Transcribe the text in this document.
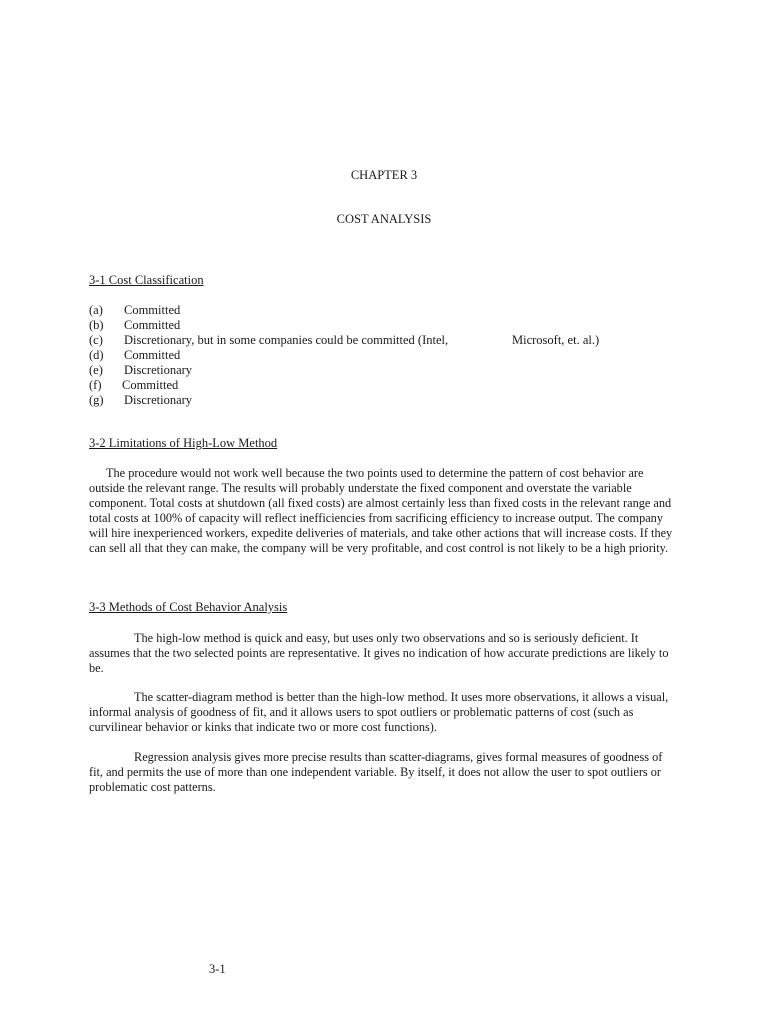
CHAPTER 3
COST ANALYSIS
3-1 Cost Classification
(a) Committed
(b) Committed
(c) Discretionary, but in some companies could be committed (Intel,	Microsoft, et. al.)
(d) Committed
(e) Discretionary
(f) Committed
(g) Discretionary
3-2 Limitations of High-Low Method

The procedure would not work well because the two points used to determine the pattern of cost behavior are outside the relevant range. The results will probably understate the fixed component and overstate the variable component. Total costs at shutdown (all fixed costs) are almost certainly less than fixed costs in the relevant range and total costs at 100% of capacity will reflect inefficiencies from sacrificing efficiency to increase output. The company will hire inexperienced workers, expedite deliveries of materials, and take other actions that will increase costs. If they can sell all that they can make, the company will be very profitable, and cost control is not likely to be a high priority.

3-3 Methods of Cost Behavior Analysis

The high-low method is quick and easy, but uses only two observations and so is seriously deficient. It assumes that the two selected points are representative. It gives no indication of how accurate predictions are likely to be.

The scatter-diagram method is better than the high-low method. It uses more observations, it allows a visual, informal analysis of goodness of fit, and it allows users to spot outliers or problematic patterns of cost (such as curvilinear behavior or kinks that indicate two or more cost functions).

Regression analysis gives more precise results than scatter-diagrams, gives formal measures of goodness of fit, and permits the use of more than one independent variable. By itself, it does not allow the user to spot outliers or problematic cost patterns.

3-1
